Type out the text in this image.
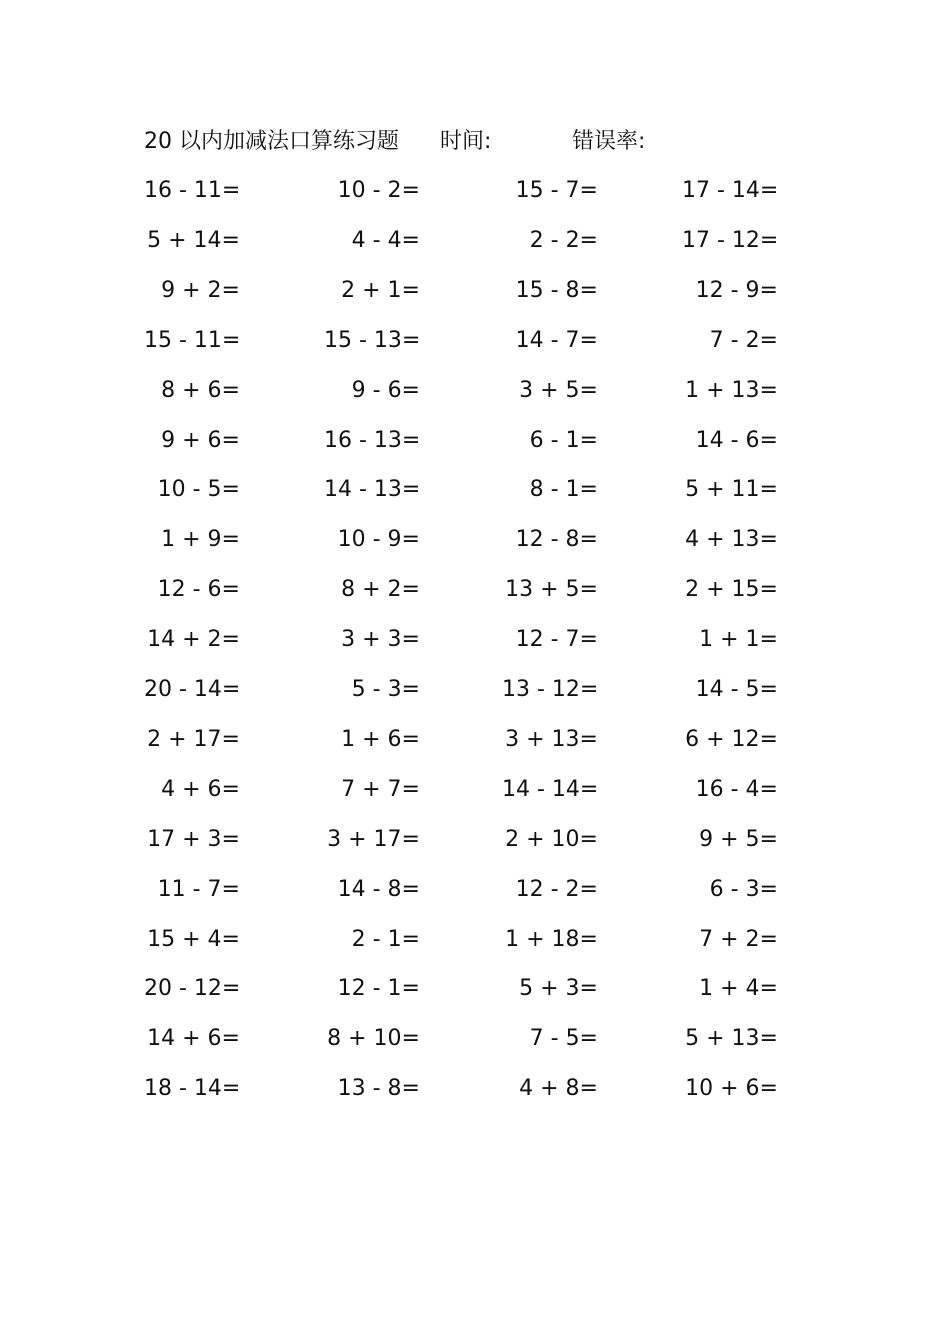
20 以内加减法口算练习题 时间:	错误率:
16 - 11=	10 - 2=	15 - 7=	17 - 14=
5 + 14=	4 - 4=	2 - 2=	17 - 12=
9 + 2=	2 + 1=	15 - 8=	12 - 9=
15 - 11=	15 - 13=	14 - 7=	7 - 2=
8 + 6=	9 - 6=	3 + 5=	1 + 13=
9 + 6=	16 - 13=	6 - 1=	14 - 6=
10 - 5=	14 - 13=	8 - 1=	5 + 11=
1 + 9=	10 - 9=	12 - 8=	4 + 13=
12 - 6=	8 + 2=	13 + 5=	2 + 15=
14 + 2=	3 + 3=	12 - 7=	1 + 1=
20 - 14=	5 - 3=	13 - 12=	14 - 5=
2 + 17=	1 + 6=	3 + 13=	6 + 12=
4 + 6=	7 + 7=	14 - 14=	16 - 4=
17 + 3=	3 + 17=	2 + 10=	9 + 5=
11 - 7=	14 - 8=	12 - 2=	6 - 3=
15 + 4=	2 - 1=	1 + 18=	7 + 2=
20 - 12=	12 - 1=	5 + 3=	1 + 4=
14 + 6=	8 + 10=	7 - 5=	5 + 13=
18 - 14=	13 - 8=	4 + 8=	10 + 6=
